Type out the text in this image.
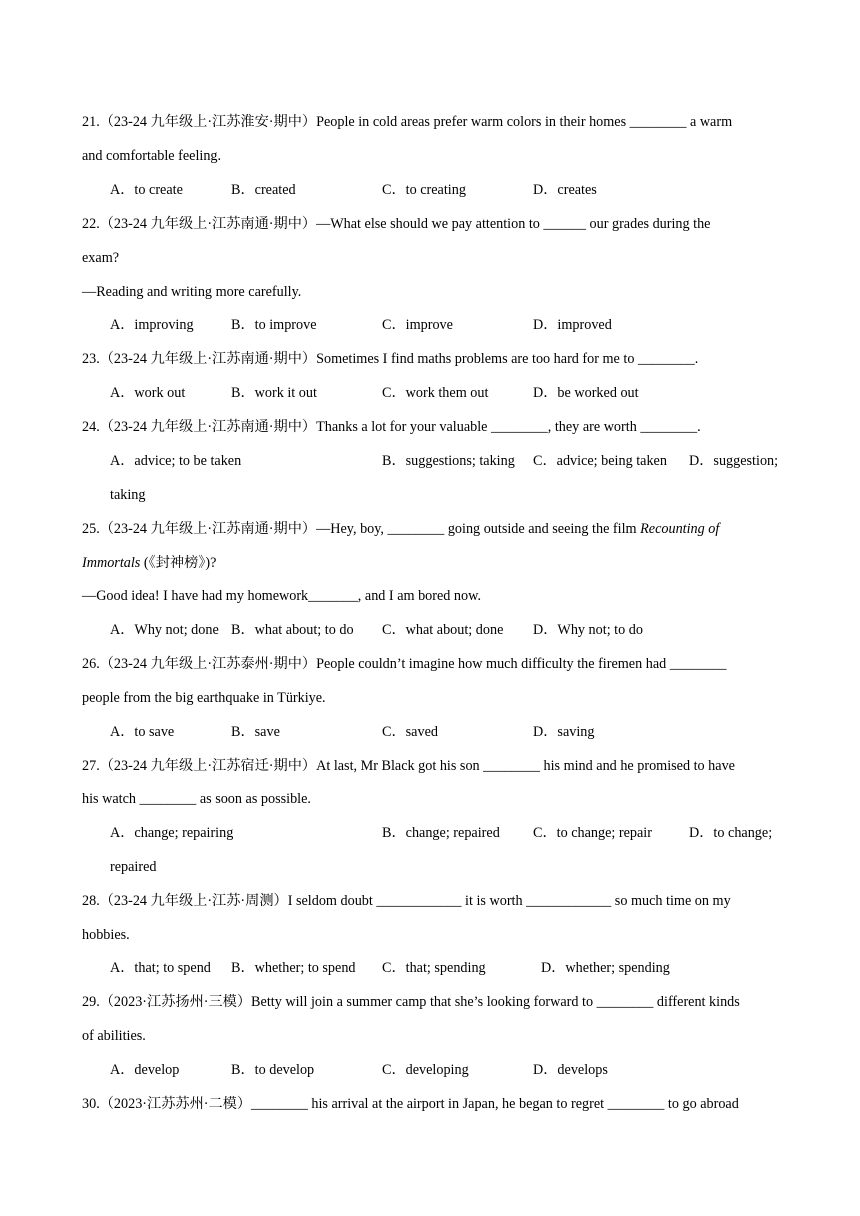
21.（23-24 九年级上·江苏淮安·期中）People in cold areas prefer warm colors in their homes ________ a warm
and comfortable feeling.
A．to create	B．created	C．to creating	D．creates
22.（23-24 九年级上·江苏南通·期中）—What else should we pay attention to ______ our grades during the
exam?
—Reading and writing more carefully.
A．improving	B．to improve	C．improve	D．improved
23.（23-24 九年级上·江苏南通·期中）Sometimes I find maths problems are too hard for me to ________.
A．work out	B．work it out	C．work them out	D．be worked out
24.（23-24 九年级上·江苏南通·期中）Thanks a lot for your valuable ________, they are worth ________.
A．advice; to be taken	B．suggestions; taking C．advice; being taken D．suggestion;
taking
25.（23-24 九年级上·江苏南通·期中）—Hey, boy, ________ going outside and seeing the film Recounting of
Immortals (《封神榜》)?
—Good idea! I have had my homework_______, and I am bored now.
A．Why not; done B．what about; to do C．what about; done D．Why not; to do
26.（23-24 九年级上·江苏泰州·期中）People couldn’t imagine how much difficulty the firemen had ________
people from the big earthquake in Türkiye.
A．to save	B．save	C．saved	D．saving
27.（23-24 九年级上·江苏宿迁·期中）At last, Mr Black got his son ________ his mind and he promised to have
his watch ________ as soon as possible.
A．change; repairing	B．change; repaired C．to change; repair	D．to change;
repaired
28.（23-24 九年级上·江苏·周测）I seldom doubt ____________ it is worth ____________ so much time on my
hobbies.
A．that; to spend B．whether; to spend C．that; spending	D．whether; spending
29.（2023·江苏扬州·三模）Betty will join a summer camp that she’s looking forward to ________ different kinds
of abilities.
A．develop	B．to develop	C．developing	D．develops
30.（2023·江苏苏州·二模）________ his arrival at the airport in Japan, he began to regret ________ to go abroad
